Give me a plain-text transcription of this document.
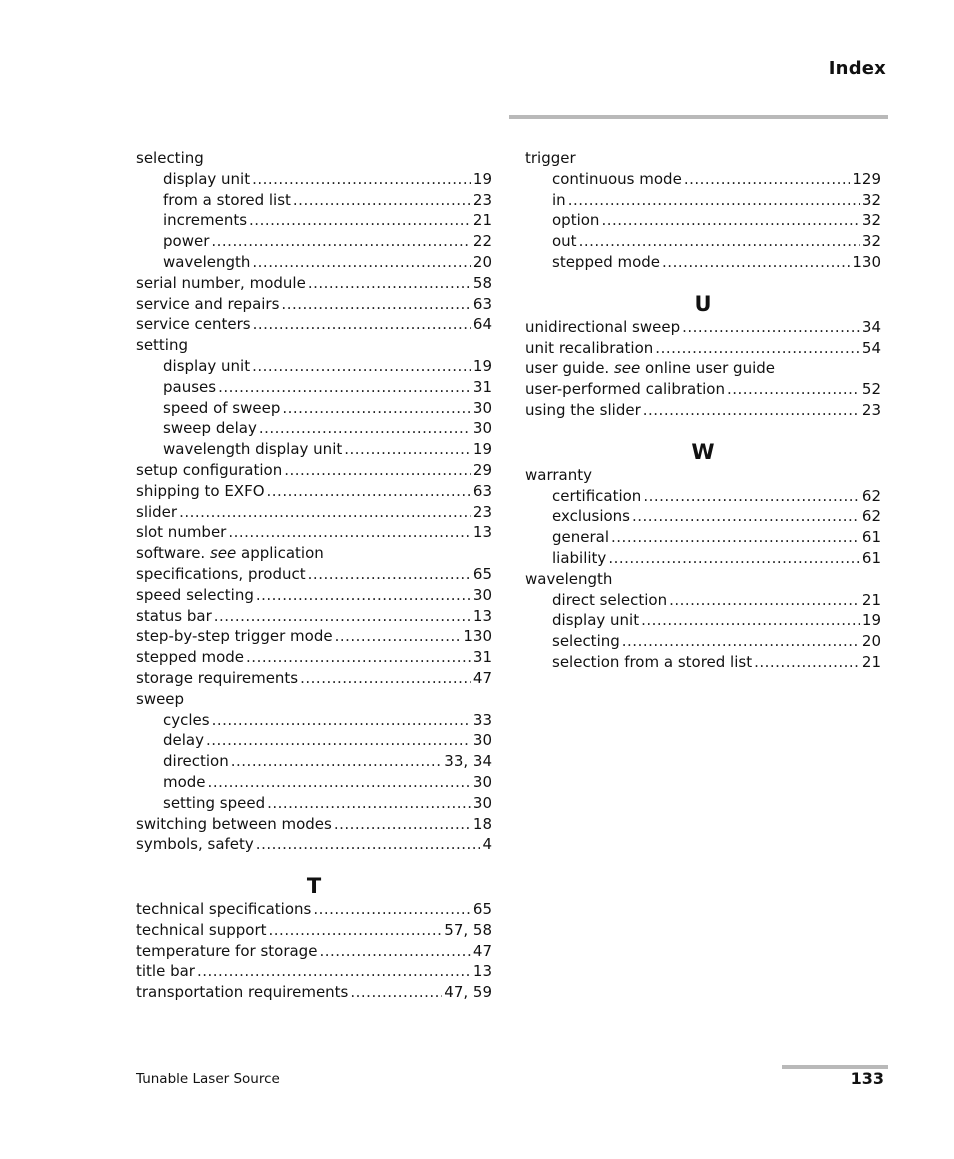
Index
selecting
display unit .....	19
from a stored list .....	23
increments .....	21
power .....	22
wavelength .....	20
serial number, module .....	58
service and repairs .....	63
service centers .....	64
setting
display unit .....	19
pauses .....	31
speed of sweep .....	30
sweep delay .....	30
wavelength display unit .....	19
setup configuration .....	29
shipping to EXFO .....	63
slider .....	23
slot number .....	13
software. see application
specifications, product .....	65
speed selecting .....	30
status bar .....	13
step-by-step trigger mode .....	130
stepped mode .....	31
storage requirements .....	47
sweep
cycles .....	33
delay .....	30
direction .....	33, 34
mode .....	30
setting speed .....	30
switching between modes .....	18
symbols, safety .....	4
T
technical specifications .....	65
technical support .....	57, 58
temperature for storage .....	47
title bar .....	13
transportation requirements .....	47, 59
trigger
continuous mode .....	129
in .....	32
option .....	32
out .....	32
stepped mode .....	130
U
unidirectional sweep .....	34
unit recalibration .....	54
user guide. see online user guide
user-performed calibration .....	52
using the slider .....	23
W
warranty
certification .....	62
exclusions .....	62
general .....	61
liability .....	61
wavelength
direct selection .....	21
display unit .....	19
selecting .....	20
selection from a stored list .....	21
Tunable Laser Source	133
